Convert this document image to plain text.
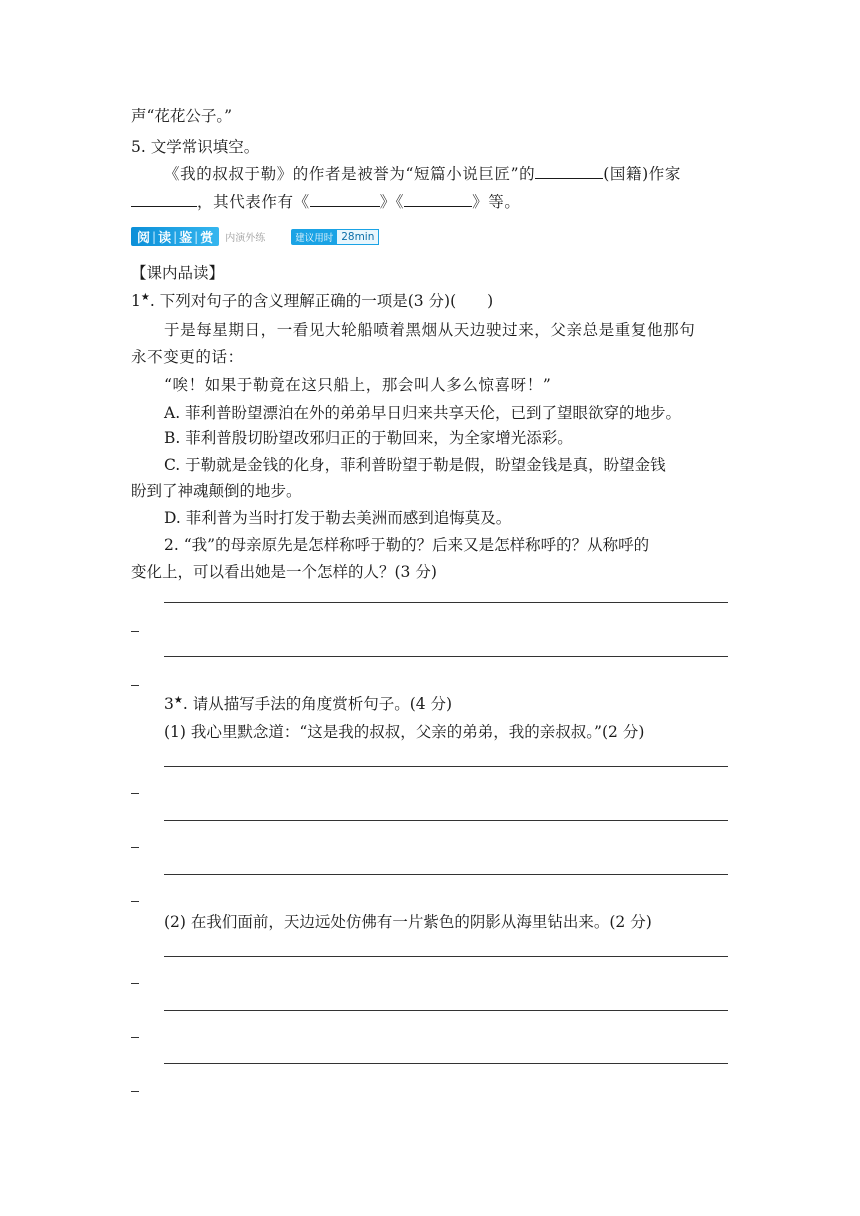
声“花花公子。”
5. 文学常识填空。
《我的叔叔于勒》的作者是被誉为“短篇小说巨匠”的	(国籍)作家
，其代表作有《	》《	》等。
阅 | 读 | 鉴 | 赏 内演外练	建议用时 28min
【课内品读】
1★. 下列对句子的含义理解正确的一项是(3 分)(　　)
于是每星期日，一看见大轮船喷着黑烟从天边驶过来，父亲总是重复他那句
永不变更的话：
“唉！如果于勒竟在这只船上，那会叫人多么惊喜呀！”
A. 菲利普盼望漂泊在外的弟弟早日归来共享天伦，已到了望眼欲穿的地步。
B. 菲利普殷切盼望改邪归正的于勒回来，为全家增光添彩。
C. 于勒就是金钱的化身，菲利普盼望于勒是假，盼望金钱是真，盼望金钱
盼到了神魂颠倒的地步。
D. 菲利普为当时打发于勒去美洲而感到追悔莫及。
2. “我”的母亲原先是怎样称呼于勒的？后来又是怎样称呼的？从称呼的
变化上，可以看出她是一个怎样的人？(3 分)
3★. 请从描写手法的角度赏析句子。(4 分)
(1) 我心里默念道：“这是我的叔叔，父亲的弟弟，我的亲叔叔。”(2 分)
(2) 在我们面前，天边远处仿佛有一片紫色的阴影从海里钻出来。(2 分)
